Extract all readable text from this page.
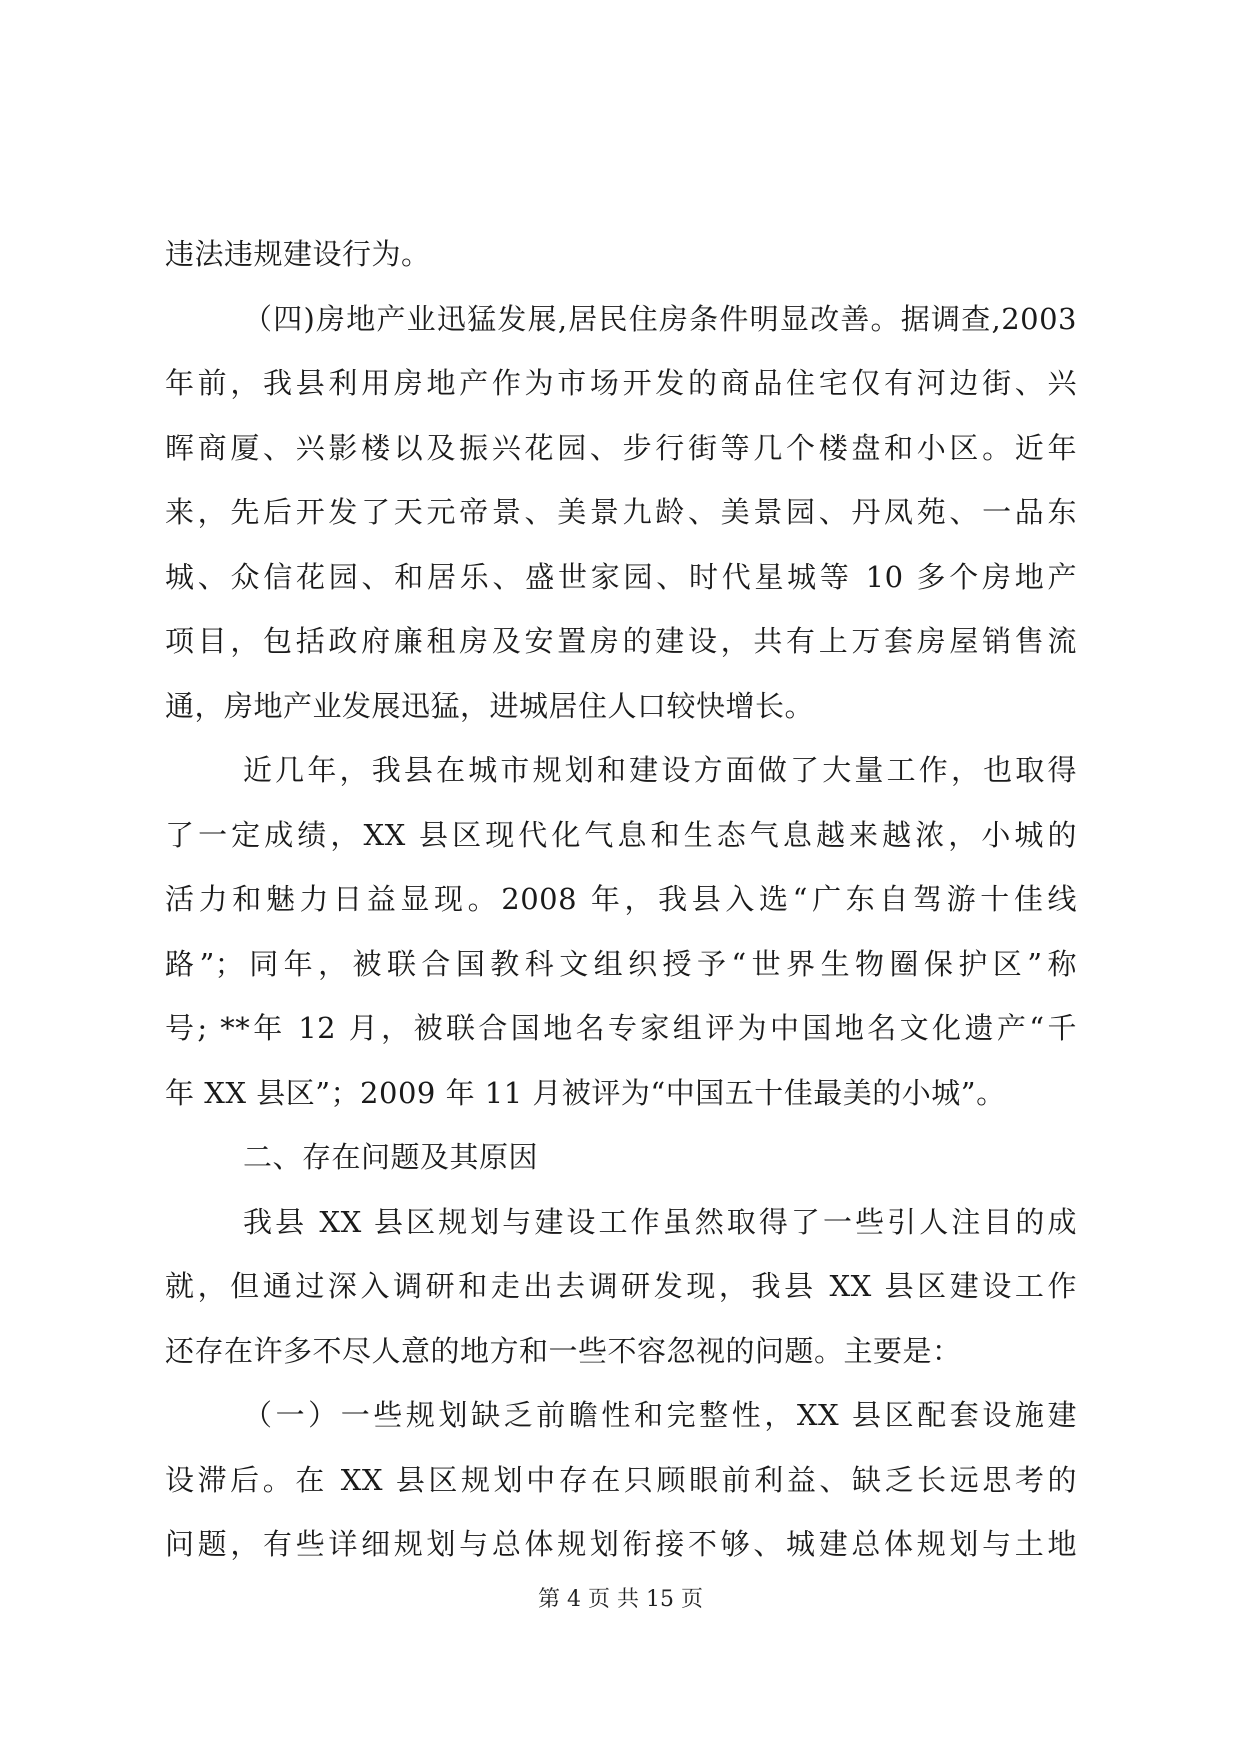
违法违规建设行为。
（四)房地产业迅猛发展,居民住房条件明显改善。据调查,2003
年前，我县利用房地产作为市场开发的商品住宅仅有河边街、兴
晖商厦、兴影楼以及振兴花园、步行街等几个楼盘和小区。近年
来，先后开发了天元帝景、美景九龄、美景园、丹凤苑、一品东
城、众信花园、和居乐、盛世家园、时代星城等 10 多个房地产
项目，包括政府廉租房及安置房的建设，共有上万套房屋销售流
通，房地产业发展迅猛，进城居住人口较快增长。
近几年，我县在城市规划和建设方面做了大量工作，也取得
了一定成绩，XX 县区现代化气息和生态气息越来越浓，小城的
活力和魅力日益显现。2008 年，我县入选“广东自驾游十佳线
路”；同年，被联合国教科文组织授予“世界生物圈保护区”称
号; **年 12 月，被联合国地名专家组评为中国地名文化遗产“千
年 XX 县区”；2009 年 11 月被评为“中国五十佳最美的小城”。
二、存在问题及其原因
我县 XX 县区规划与建设工作虽然取得了一些引人注目的成
就，但通过深入调研和走出去调研发现，我县 XX 县区建设工作
还存在许多不尽人意的地方和一些不容忽视的问题。主要是：
（一）一些规划缺乏前瞻性和完整性，XX 县区配套设施建
设滞后。在 XX 县区规划中存在只顾眼前利益、缺乏长远思考的
问题，有些详细规划与总体规划衔接不够、城建总体规划与土地
第 4 页 共 15 页
